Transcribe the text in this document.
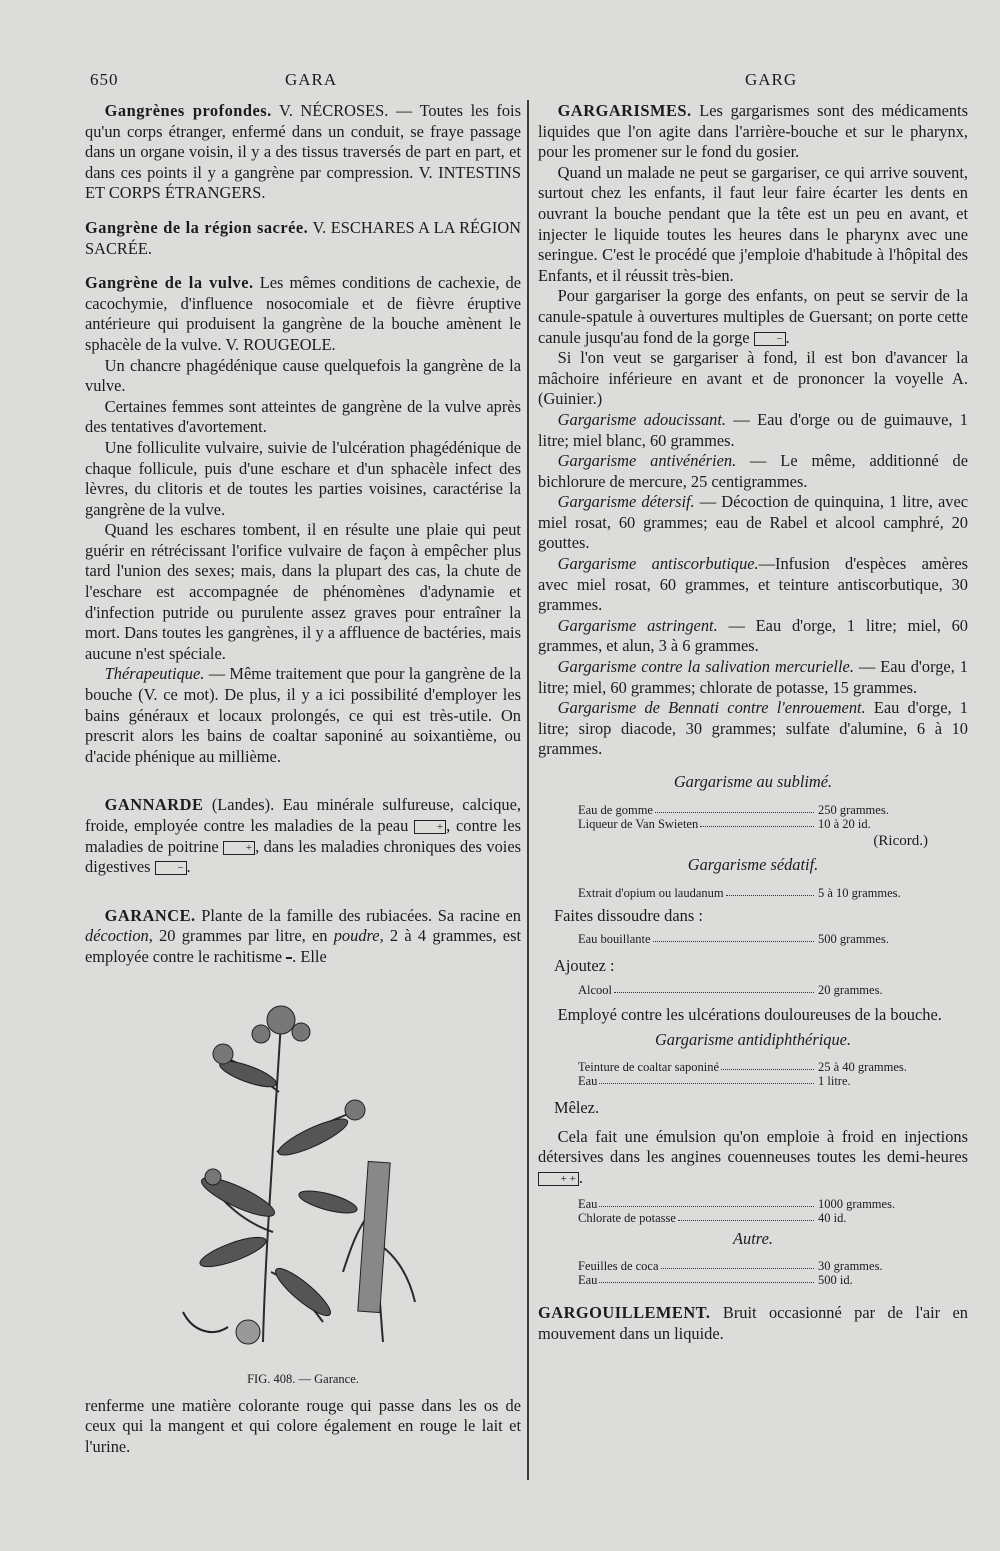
650	GARA	GARG

Gangrènes profondes. V. NÉCROSES. — Toutes les fois qu'un corps étranger, enfermé dans un conduit, se fraye passage dans un organe voisin, il y a des tissus traversés de part en part, et dans ces points il y a gangrène par compression. V. INTESTINS ET CORPS ÉTRANGERS.

Gangrène de la région sacrée. V. ESCHARES A LA RÉGION SACRÉE.

Gangrène de la vulve. Les mêmes conditions de cachexie, de cacochymie, d'influence nosocomiale et de fièvre éruptive antérieure qui produisent la gangrène de la bouche amènent le sphacèle de la vulve. V. ROUGEOLE.

Un chancre phagédénique cause quelquefois la gangrène de la vulve.

Certaines femmes sont atteintes de gangrène de la vulve après des tentatives d'avortement.

Une folliculite vulvaire, suivie de l'ulcération phagédénique de chaque follicule, puis d'une eschare et d'un sphacèle infect des lèvres, du clitoris et de toutes les parties voisines, caractérise la gangrène de la vulve.

Quand les eschares tombent, il en résulte une plaie qui peut guérir en rétrécissant l'orifice vulvaire de façon à empêcher plus tard l'union des sexes; mais, dans la plupart des cas, la chute de l'eschare est accompagnée de phénomènes d'adynamie et d'infection putride ou purulente assez graves pour entraîner la mort. Dans toutes les gangrènes, il y a affluence de bactéries, mais aucune n'est spéciale.

Thérapeutique. — Même traitement que pour la gangrène de la bouche (V. ce mot). De plus, il y a ici possibilité d'employer les bains généraux et locaux prolongés, ce qui est très-utile. On prescrit alors les bains de coaltar saponiné au soixantième, ou d'acide phénique au millième.

GANNARDE (Landes). Eau minérale sulfureuse, calcique, froide, employée contre les maladies de la peau + , contre les maladies de poitrine + , dans les maladies chroniques des voies digestives − .

GARANCE. Plante de la famille des rubiacées. Sa racine en décoction, 20 grammes par litre, en poudre, 2 à 4 grammes, est employée contre le rachitisme . Elle

FIG. 408. — Garance.

renferme une matière colorante rouge qui passe dans les os de ceux qui la mangent et qui colore également en rouge le lait et l'urine.

GARGARISMES. Les gargarismes sont des médicaments liquides que l'on agite dans l'arrière-bouche et sur le pharynx, pour les promener sur le fond du gosier.

Quand un malade ne peut se gargariser, ce qui arrive souvent, surtout chez les enfants, il faut leur faire écarter les dents en ouvrant la bouche pendant que la tête est un peu en avant, et injecter le liquide toutes les heures dans le pharynx avec une seringue. C'est le procédé que j'emploie d'habitude à l'hôpital des Enfants, et il réussit très-bien.

Pour gargariser la gorge des enfants, on peut se servir de la canule-spatule à ouvertures multiples de Guersant; on porte cette canule jusqu'au fond de la gorge − .

Si l'on veut se gargariser à fond, il est bon d'avancer la mâchoire inférieure en avant et de prononcer la voyelle A. (Guinier.)

Gargarisme adoucissant. — Eau d'orge ou de guimauve, 1 litre; miel blanc, 60 grammes.

Gargarisme antivénérien. — Le même, additionné de bichlorure de mercure, 25 centigrammes.

Gargarisme détersif. — Décoction de quinquina, 1 litre, avec miel rosat, 60 grammes; eau de Rabel et alcool camphré, 20 gouttes.

Gargarisme antiscorbutique.—Infusion d'espèces amères avec miel rosat, 60 grammes, et teinture antiscorbutique, 30 grammes.

Gargarisme astringent. — Eau d'orge, 1 litre; miel, 60 grammes, et alun, 3 à 6 grammes.

Gargarisme contre la salivation mercurielle. — Eau d'orge, 1 litre; miel, 60 grammes; chlorate de potasse, 15 grammes.

Gargarisme de Bennati contre l'enrouement. Eau d'orge, 1 litre; sirop diacode, 30 grammes; sulfate d'alumine, 6 à 10 grammes.

Gargarisme au sublimé.
Eau de gomme	250 grammes.
Liqueur de Van Swieten	10 à 20 id.
(Ricord.)
Gargarisme sédatif.
Extrait d'opium ou laudanum	5 à 10 grammes.

Faites dissoudre dans :

Eau bouillante	500 grammes.

Ajoutez :

Alcool	20 grammes.

Employé contre les ulcérations douloureuses de la bouche.

Gargarisme antidiphthérique.
Teinture de coaltar saponiné	25 à 40 grammes.
Eau	1 litre.

Mêlez.

Cela fait une émulsion qu'on emploie à froid en injections détersives dans les angines couenneuses toutes les demi-heures + + .

Eau	1000 grammes.
Chlorate de potasse	40 id.
Autre.
Feuilles de coca	30 grammes.
Eau	500 id.

GARGOUILLEMENT. Bruit occasionné par de l'air en mouvement dans un liquide.
